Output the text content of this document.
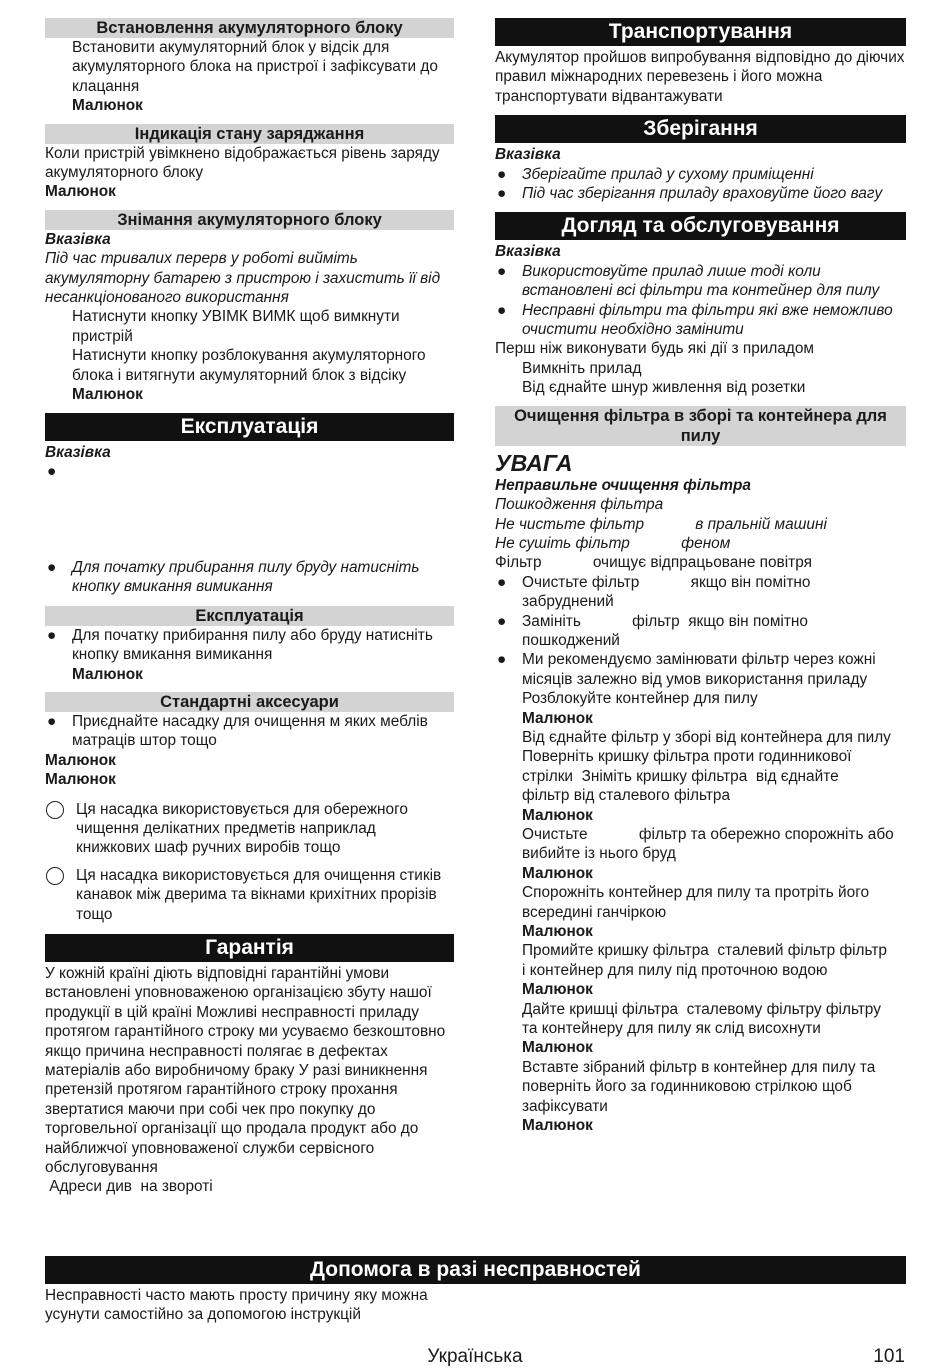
Встановлення акумуляторного блоку

Встановити акумуляторний блок у відсік для акумуляторного блока на пристрої і зафіксувати до клацання

Малюнок

Індикація стану заряджання

Коли пристрій увімкнено відображається рівень заряду акумуляторного блоку

Малюнок

Знімання акумуляторного блоку

Вказівка

Під час тривалих перерв у роботі вийміть акумуляторну батарею з пристрою і захистить її від несанкціонованого використання

Натиснути кнопку УВІМК ВИМК щоб вимкнути пристрій

Натиснути кнопку розблокування акумуляторного блока і витягнути акумуляторний блок з відсіку

Малюнок

Експлуатація

Вказівка

●
● Для початку прибирання пилу бруду натисніть кнопку вмикання вимикання
Експлуатація
● Для початку прибирання пилу або бруду натисніть кнопку вмикання вимикання

Малюнок

Стандартні аксесуари
● Приєднайте насадку для очищення м яких меблів матраців штор тощо

Малюнок

Малюнок

Ця насадка використовується для обережного чищення делікатних предметів наприклад книжкових шаф ручних виробів тощо
Ця насадка використовується для очищення стиків канавок між дверима та вікнами крихітних прорізів тощо
Гарантія

У кожній країні діють відповідні гарантійні умови встановлені уповноваженою організацією збуту нашої продукції в цій країні Можливі несправності приладу протягом гарантійного строку ми усуваємо безкоштовно якщо причина несправності полягає в дефектах матеріалів або виробничому браку У разі виникнення претензій протягом гарантійного строку прохання звертатися маючи при собі чек про покупку до торговельної організації що продала продукт або до найближчої уповноваженої служби сервісного обслуговування

Адреси див  на звороті

Транспортування

Акумулятор пройшов випробування відповідно до діючих правил міжнародних перевезень і його можна транспортувати відвантажувати

Зберігання

Вказівка

● Зберігайте прилад у сухому приміщенні
● Під час зберігання приладу враховуйте його вагу
Догляд та обслуговування

Вказівка

● Використовуйте прилад лише тоді коли встановлені всі фільтри та контейнер для пилу
● Несправні фільтри та фільтри які вже неможливо очистити необхідно замінити

Перш ніж виконувати будь які дії з приладом

Вимкніть прилад

Від єднайте шнур живлення від розетки

Очищення фільтра в зборі та контейнера для пилу

УВАГА

Неправильне очищення фільтра

Пошкодження фільтра

Не чистьте фільтр            в пральній машині

Не сушіть фільтр            феном

Фільтр            очищує відпрацьоване повітря

● Очистьте фільтр            якщо він помітно забруднений
● Замініть            фільтр  якщо він помітно пошкоджений
● Ми рекомендуємо замінювати фільтр через кожні    місяців залежно від умов використання приладу

Розблокуйте контейнер для пилу

Малюнок

Від єднайте фільтр у зборі від контейнера для пилу  Поверніть кришку фільтра проти годинникової стрілки  Зніміть кришку фільтра  від єднайте            фільтр від сталевого фільтра

Малюнок

Очистьте            фільтр та обережно спорожніть або вибийте із нього бруд

Малюнок

Спорожніть контейнер для пилу та протріть його всередині ганчіркою

Малюнок

Промийте кришку фільтра  сталевий фільтр фільтр            і контейнер для пилу під проточною водою

Малюнок

Дайте кришці фільтра  сталевому фільтру фільтру            та контейнеру для пилу як слід висохнути

Малюнок

Вставте зібраний фільтр в контейнер для пилу та поверніть його за годинниковою стрілкою щоб зафіксувати

Малюнок

Допомога в разі несправностей

Несправності часто мають просту причину яку можна усунути самостійно за допомогою інструкцій

Українська	101
